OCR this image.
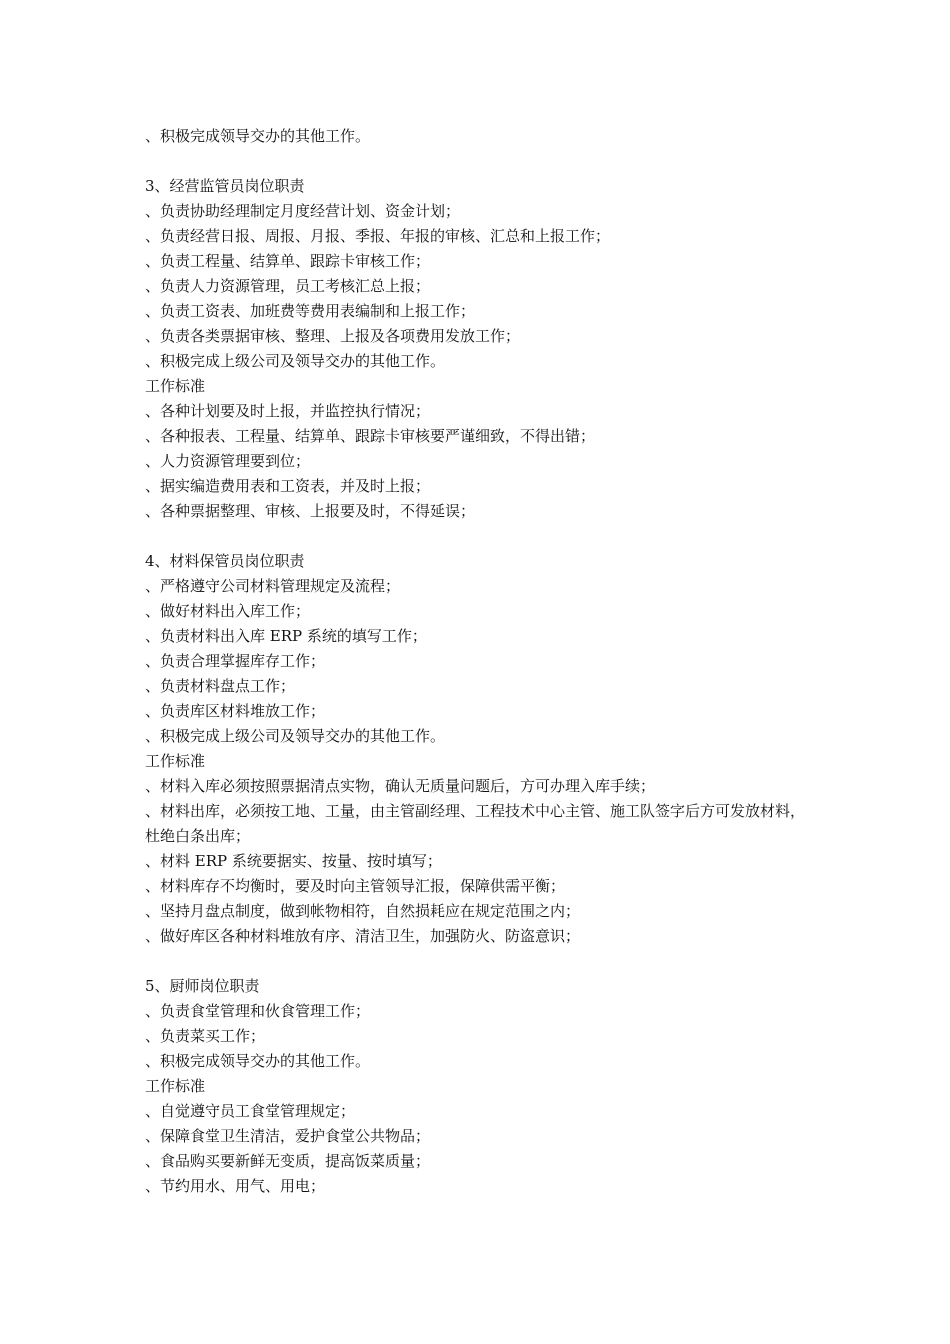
、积极完成领导交办的其他工作。
3、经营监管员岗位职责
、负责协助经理制定月度经营计划、资金计划；
、负责经营日报、周报、月报、季报、年报的审核、汇总和上报工作；
、负责工程量、结算单、跟踪卡审核工作；
、负责人力资源管理，员工考核汇总上报；
、负责工资表、加班费等费用表编制和上报工作；
、负责各类票据审核、整理、上报及各项费用发放工作；
、积极完成上级公司及领导交办的其他工作。
工作标准
、各种计划要及时上报，并监控执行情况；
、各种报表、工程量、结算单、跟踪卡审核要严谨细致，不得出错；
、人力资源管理要到位；
、据实编造费用表和工资表，并及时上报；
、各种票据整理、审核、上报要及时，不得延误；
4、材料保管员岗位职责
、严格遵守公司材料管理规定及流程；
、做好材料出入库工作；
、负责材料出入库 ERP 系统的填写工作；
、负责合理掌握库存工作；
、负责材料盘点工作；
、负责库区材料堆放工作；
、积极完成上级公司及领导交办的其他工作。
工作标准
、材料入库必须按照票据清点实物，确认无质量问题后，方可办理入库手续；
、材料出库，必须按工地、工量，由主管副经理、工程技术中心主管、施工队签字后方可发放材料，杜绝白条出库；
、材料 ERP 系统要据实、按量、按时填写；
、材料库存不均衡时，要及时向主管领导汇报，保障供需平衡；
、坚持月盘点制度，做到帐物相符，自然损耗应在规定范围之内；
、做好库区各种材料堆放有序、清洁卫生，加强防火、防盗意识；
5、厨师岗位职责
、负责食堂管理和伙食管理工作；
、负责菜买工作；
、积极完成领导交办的其他工作。
工作标准
、自觉遵守员工食堂管理规定；
、保障食堂卫生清洁，爱护食堂公共物品；
、食品购买要新鲜无变质，提高饭菜质量；
、节约用水、用气、用电；
